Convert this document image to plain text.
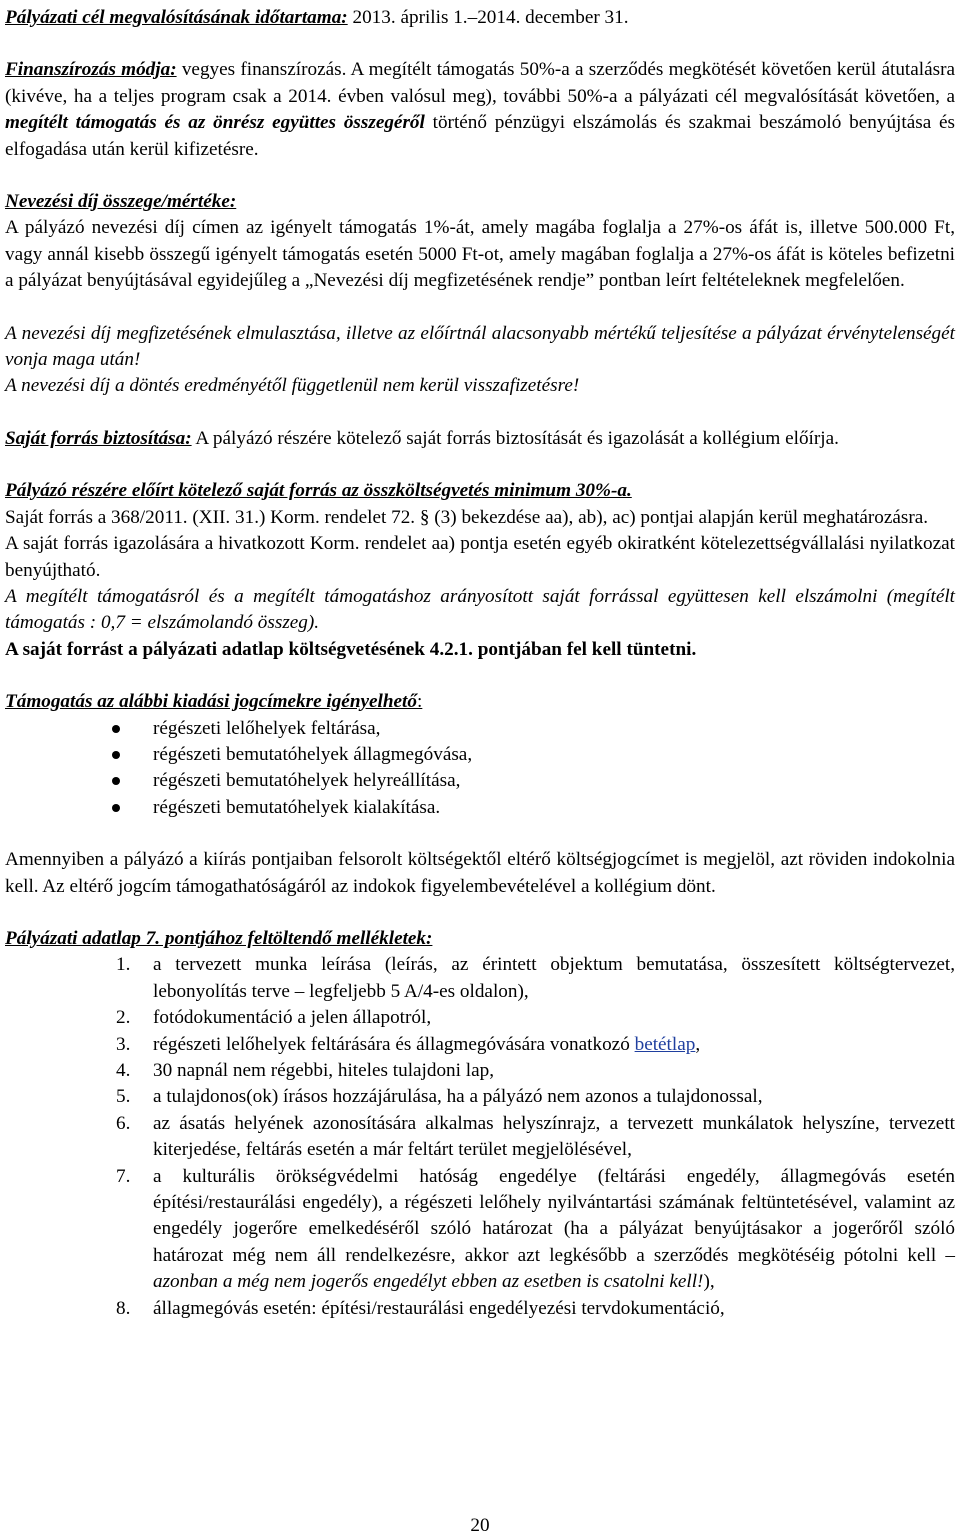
Pályázati cél megvalósításának időtartama: 2013. április 1.–2014. december 31.

Finanszírozás módja: vegyes finanszírozás. A megítélt támogatás 50%-a a szerződés megkötését követően kerül átutalásra (kivéve, ha a teljes program csak a 2014. évben valósul meg), további 50%-a a pályázati cél megvalósítását követően, a megítélt támogatás és az önrész együttes összegéről történő pénzügyi elszámolás és szakmai beszámoló benyújtása és elfogadása után kerül kifizetésre.

Nevezési díj összege/mértéke:

A pályázó nevezési díj címen az igényelt támogatás 1%-át, amely magába foglalja a 27%-os áfát is, illetve 500.000 Ft, vagy annál kisebb összegű igényelt támogatás esetén 5000 Ft-ot, amely magában foglalja a 27%-os áfát is köteles befizetni a pályázat benyújtásával egyidejűleg a „Nevezési díj megfizetésének rendje” pontban leírt feltételeknek megfelelően.

A nevezési díj megfizetésének elmulasztása, illetve az előírtnál alacsonyabb mértékű teljesítése a pályázat érvénytelenségét vonja maga után!

A nevezési díj a döntés eredményétől függetlenül nem kerül visszafizetésre!

Saját forrás biztosítása: A pályázó részére kötelező saját forrás biztosítását és igazolását a kollégium előírja.

Pályázó részére előírt kötelező saját forrás az összköltségvetés minimum 30%-a.

Saját forrás a 368/2011. (XII. 31.) Korm. rendelet 72. § (3) bekezdése aa), ab), ac) pontjai alapján kerül meghatározásra.

A saját forrás igazolására a hivatkozott Korm. rendelet aa) pontja esetén egyéb okiratként kötelezettségvállalási nyilatkozat benyújtható.

A megítélt támogatásról és a megítélt támogatáshoz arányosított saját forrással együttesen kell elszámolni (megítélt támogatás : 0,7 = elszámolandó összeg).

A saját forrást a pályázati adatlap költségvetésének 4.2.1. pontjában fel kell tüntetni.

Támogatás az alábbi kiadási jogcímekre igényelhető:

régészeti lelőhelyek feltárása,
régészeti bemutatóhelyek állagmegóvása,
régészeti bemutatóhelyek helyreállítása,
régészeti bemutatóhelyek kialakítása.

Amennyiben a pályázó a kiírás pontjaiban felsorolt költségektől eltérő költségjogcímet is megjelöl, azt röviden indokolnia kell. Az eltérő jogcím támogathatóságáról az indokok figyelembevételével a kollégium dönt.

Pályázati adatlap 7. pontjához feltöltendő mellékletek:

1. a tervezett munka leírása (leírás, az érintett objektum bemutatása, összesített költségtervezet, lebonyolítás terve – legfeljebb 5 A/4-es oldalon),
2. fotódokumentáció a jelen állapotról,
3. régészeti lelőhelyek feltárására és állagmegóvására vonatkozó betétlap,
4. 30 napnál nem régebbi, hiteles tulajdoni lap,
5. a tulajdonos(ok) írásos hozzájárulása, ha a pályázó nem azonos a tulajdonossal,
6. az ásatás helyének azonosítására alkalmas helyszínrajz, a tervezett munkálatok helyszíne, tervezett kiterjedése, feltárás esetén a már feltárt terület megjelölésével,
7. a kulturális örökségvédelmi hatóság engedélye (feltárási engedély, állagmegóvás esetén építési/restaurálási engedély), a régészeti lelőhely nyilvántartási számának feltüntetésével, valamint az engedély jogerőre emelkedéséről szóló határozat (ha a pályázat benyújtásakor a jogerőről szóló határozat még nem áll rendelkezésre, akkor azt legkésőbb a szerződés megkötéséig pótolni kell – azonban a még nem jogerős engedélyt ebben az esetben is csatolni kell!),
8. állagmegóvás esetén: építési/restaurálási engedélyezési tervdokumentáció,
20
